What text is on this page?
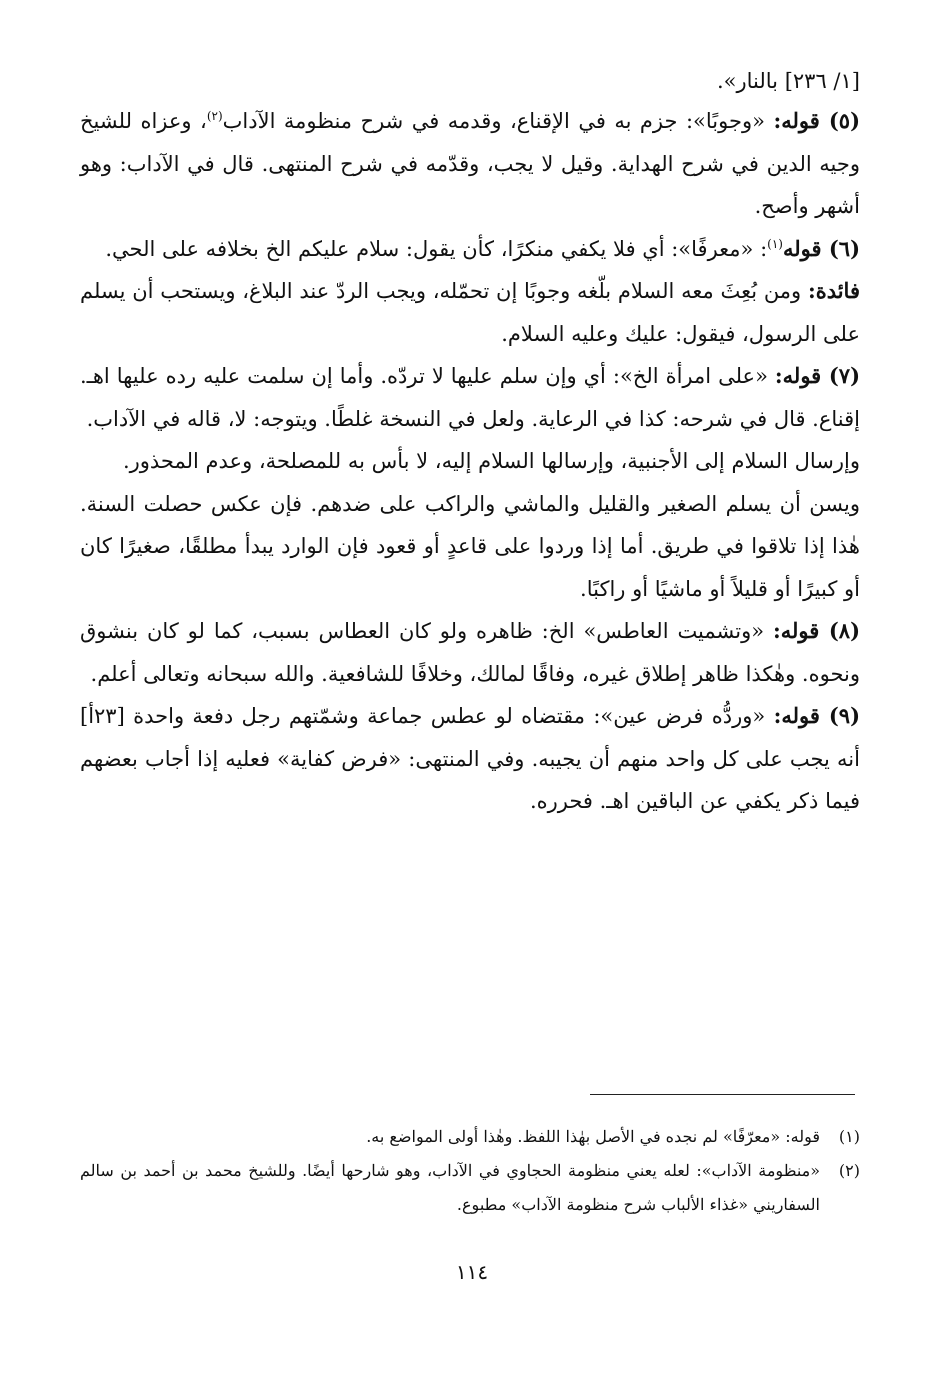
[١/ ٢٣٦] بالنار».

(٥) قوله: «وجوبًا»: جزم به في الإقناع، وقدمه في شرح منظومة الآداب$^{(٢)}$، وعزاه للشيخ وجيه الدين في شرح الهداية. وقيل لا يجب، وقدّمه في شرح المنتهى. قال في الآداب: وهو أشهر وأصح.

(٦) قوله$^{(١)}$: «معرفًا»: أي فلا يكفي منكرًا، كأن يقول: سلام عليكم الخ بخلافه على الحي.

فائدة: ومن بُعِثَ معه السلام بلّغه وجوبًا إن تحمّله، ويجب الردّ عند البلاغ، ويستحب أن يسلم على الرسول، فيقول: عليك وعليه السلام.

(٧) قوله: «على امرأة الخ»: أي وإن سلم عليها لا تردّه. وأما إن سلمت عليه رده عليها اهـ. إقناع. قال في شرحه: كذا في الرعاية. ولعل في النسخة غلطًا. ويتوجه: لا، قاله في الآداب.

وإرسال السلام إلى الأجنبية، وإرسالها السلام إليه، لا بأس به للمصلحة، وعدم المحذور.

ويسن أن يسلم الصغير والقليل والماشي والراكب على ضدهم. فإن عكس حصلت السنة. هٰذا إذا تلاقوا في طريق. أما إذا وردوا على قاعدٍ أو قعود فإن الوارد يبدأ مطلقًا، صغيرًا كان أو كبيرًا أو قليلاً أو ماشيًا أو راكبًا.

(٨) قوله: «وتشميت العاطس» الخ: ظاهره ولو كان العطاس بسبب، كما لو كان بنشوق ونحوه. وهٰكذا ظاهر إطلاق غيره، وفاقًا لمالك، وخلافًا للشافعية. والله سبحانه وتعالى أعلم.

(٩) قوله: «وردُّه فرض عين»: مقتضاه لو عطس جماعة وشمّتهم رجل دفعة واحدة [٢٣أ] أنه يجب على كل واحد منهم أن يجيبه. وفي المنتهى: «فرض كفاية» فعليه إذا أجاب بعضهم فيما ذكر يكفي عن الباقين اهـ. فحرره.

(١)
قوله: «معرّفًا» لم نجده في الأصل بهٰذا اللفظ. وهٰذا أولى المواضع به.

(٢)
«منظومة الآداب»: لعله يعني منظومة الحجاوي في الآداب، وهو شارحها أيضًا. وللشيخ محمد بن أحمد بن سالم السفاريني «غذاء الألباب شرح منظومة الآداب» مطبوع.

١١٤
